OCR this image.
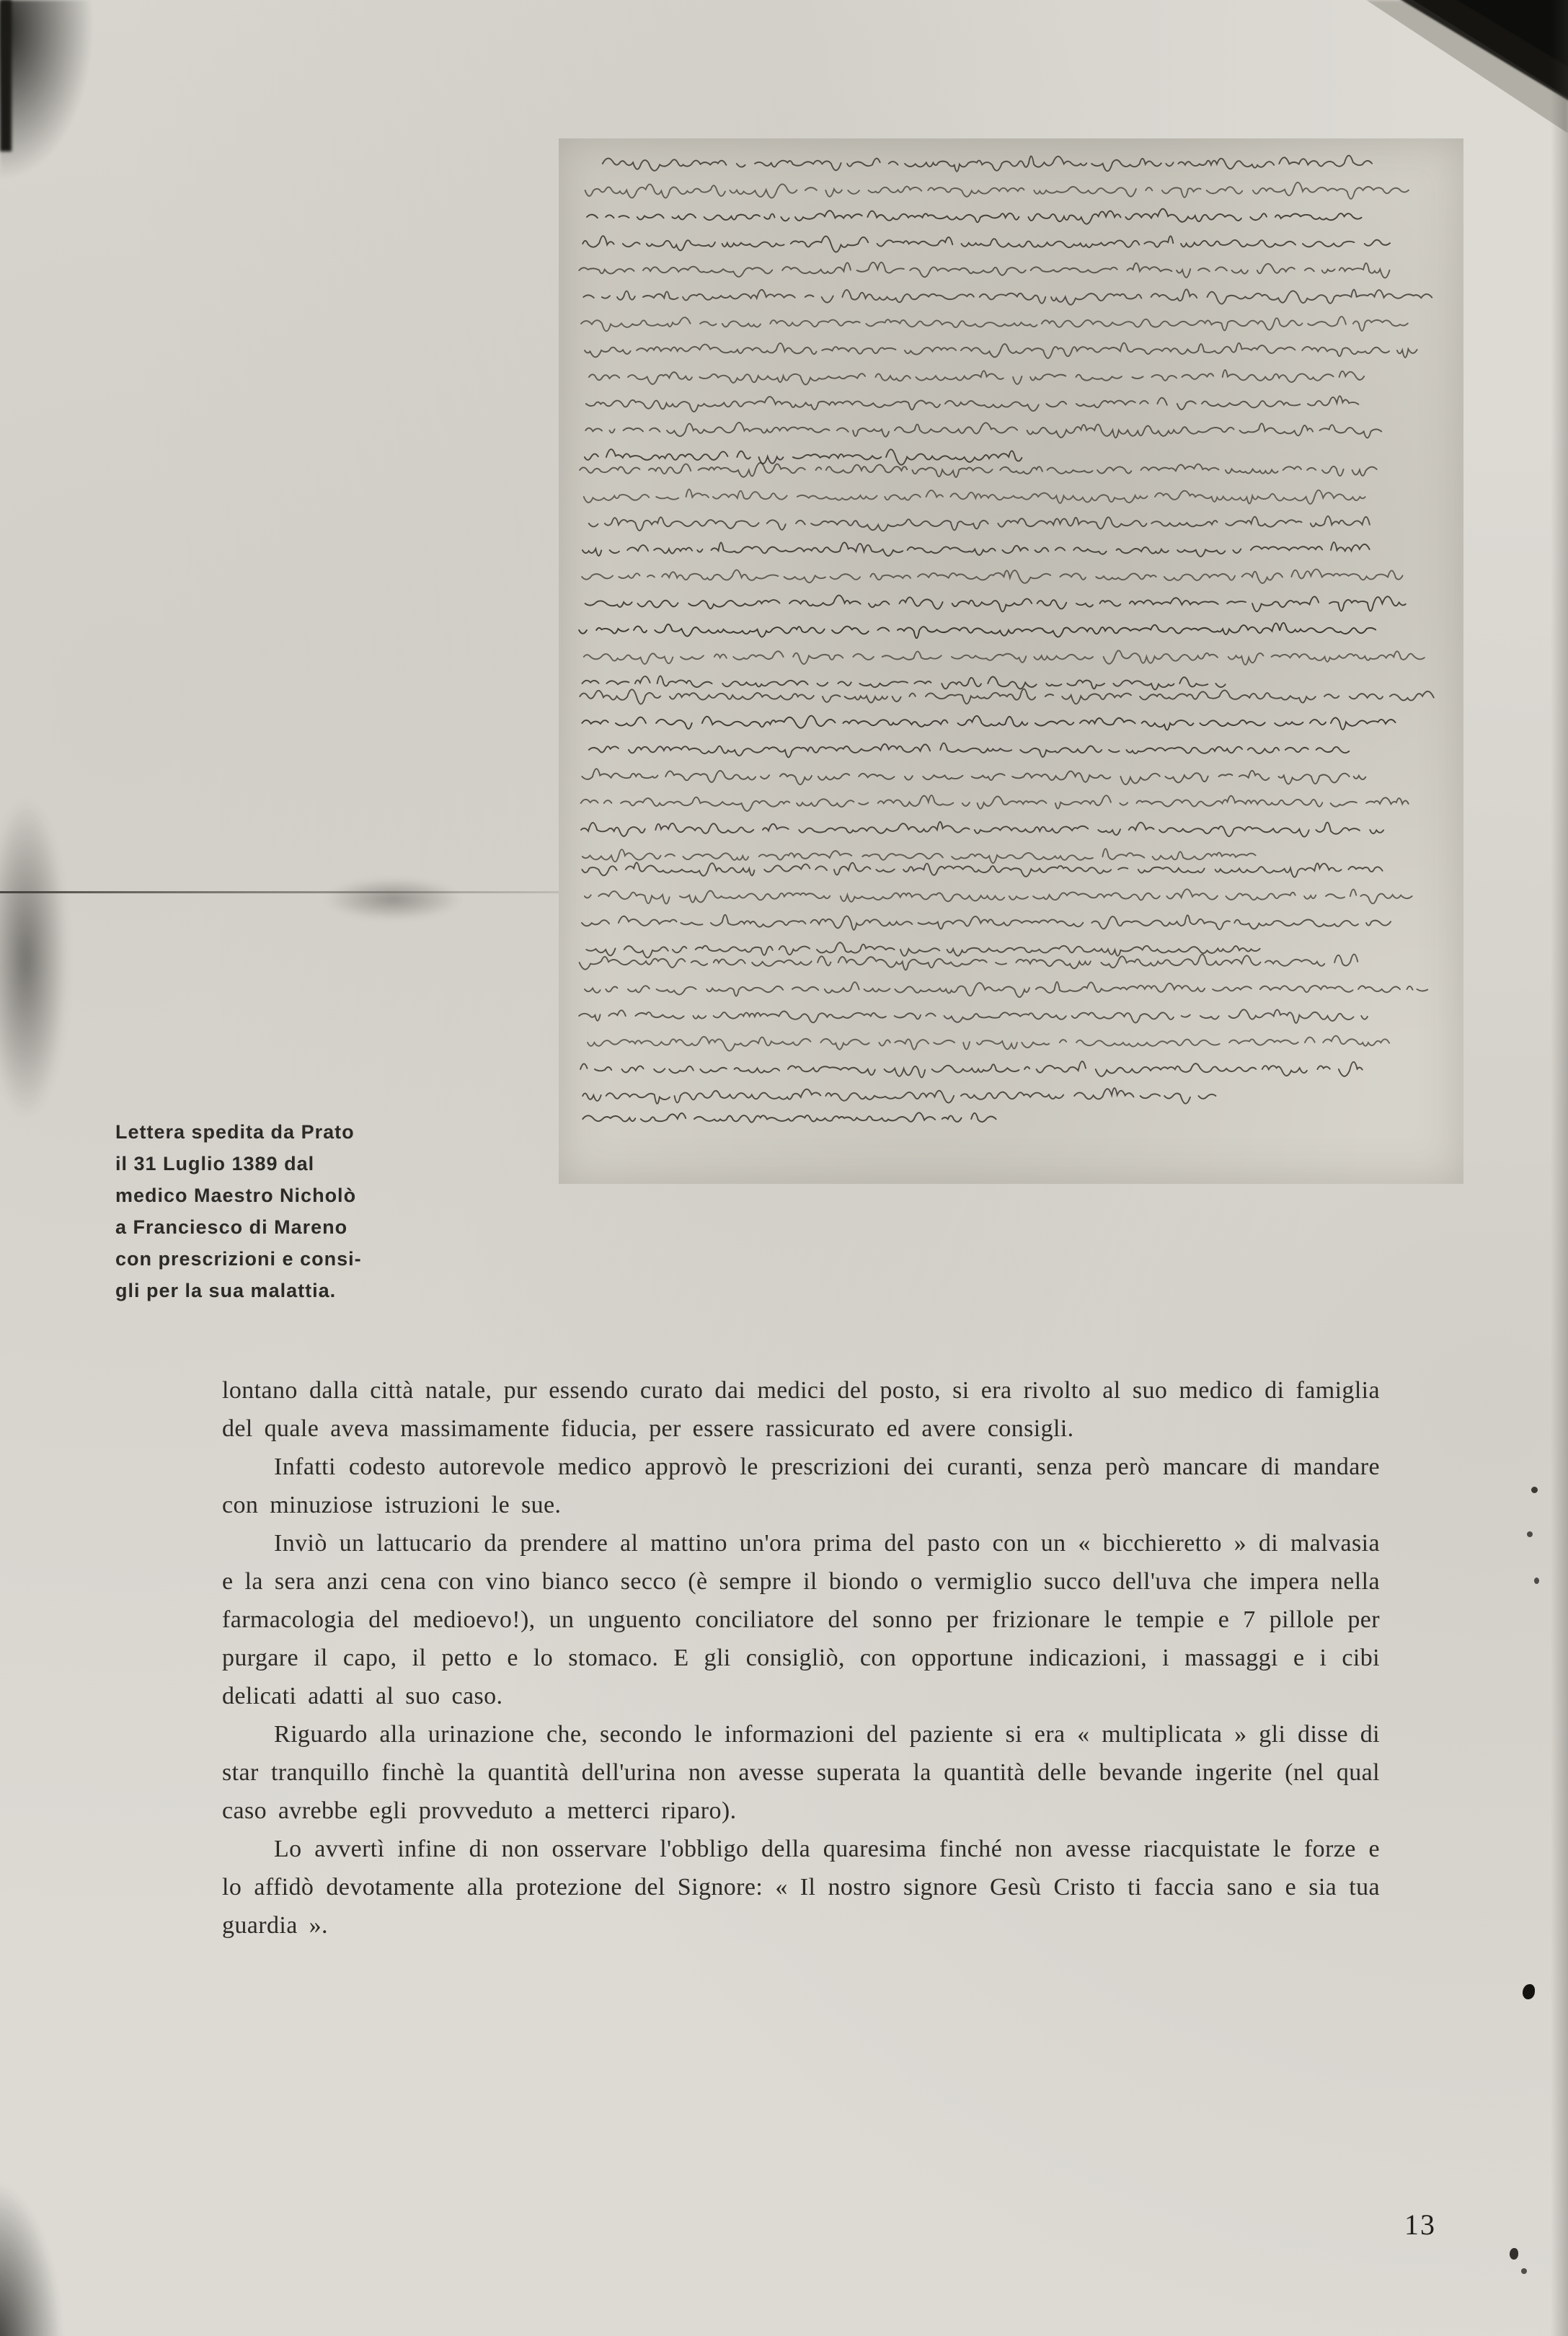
Lettera spedita da Prato
il 31 Luglio 1389 dal
medico Maestro Nicholò
a Franciesco di Mareno
con prescrizioni e consi-
gli per la sua malattia.

lontano dalla città natale, pur essendo curato dai medici del posto, si era rivolto al suo medico di famiglia del quale aveva massimamente fiducia, per essere rassicurato ed avere consigli.

Infatti codesto autorevole medico approvò le prescrizioni dei curanti, senza però mancare di mandare con minuziose istruzioni le sue.

Inviò un lattucario da prendere al mattino un'ora prima del pasto con un « bicchieretto » di malvasia e la sera anzi cena con vino bianco secco (è sempre il biondo o vermiglio succo dell'uva che impera nella farmacologia del medioevo!), un unguento conciliatore del sonno per frizionare le tempie e 7 pillole per purgare il capo, il petto e lo stomaco. E gli consigliò, con opportune indicazioni, i massaggi e i cibi delicati adatti al suo caso.

Riguardo alla urinazione che, secondo le informazioni del paziente si era « multiplicata » gli disse di star tranquillo finchè la quantità dell'urina non avesse superata la quantità delle bevande ingerite (nel qual caso avrebbe egli provveduto a metterci riparo).

Lo avvertì infine di non osservare l'obbligo della quaresima finché non avesse riacquistate le forze e lo affidò devotamente alla protezione del Signore: « Il nostro signore Gesù Cristo ti faccia sano e sia tua guardia ».

13
